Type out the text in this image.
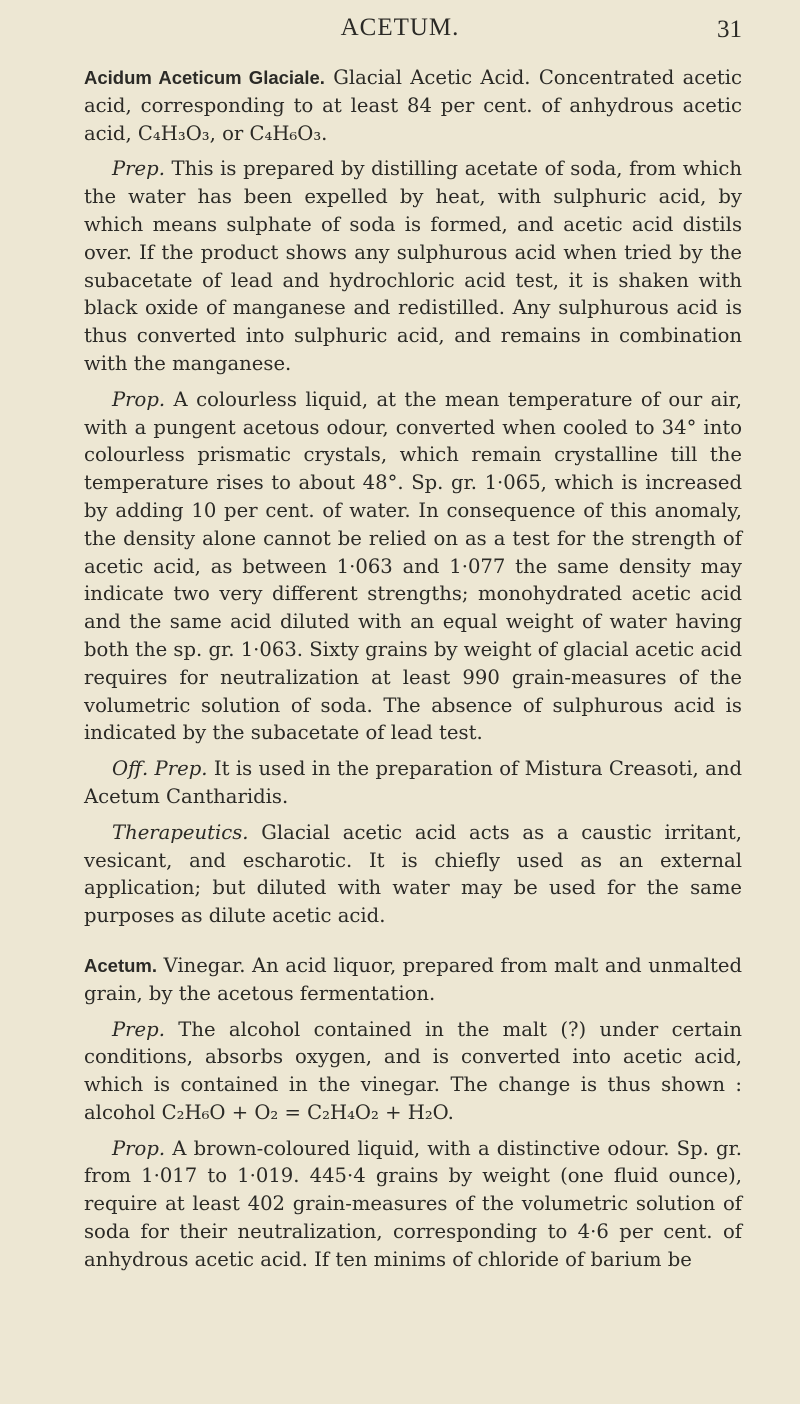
ACETUM.	31

Acidum Aceticum Glaciale. Glacial Acetic Acid. Concentrated acetic acid, corresponding to at least 84 per cent. of anhydrous acetic acid, C₄H₃O₃, or C₄H₆O₃.

Prep. This is prepared by distilling acetate of soda, from which the water has been expelled by heat, with sulphuric acid, by which means sulphate of soda is formed, and acetic acid distils over. If the product shows any sulphurous acid when tried by the subacetate of lead and hydrochloric acid test, it is shaken with black oxide of manganese and redistilled. Any sulphurous acid is thus converted into sulphuric acid, and remains in combination with the manganese.

Prop. A colourless liquid, at the mean temperature of our air, with a pungent acetous odour, converted when cooled to 34° into colourless prismatic crystals, which remain crystalline till the temperature rises to about 48°. Sp. gr. 1·065, which is increased by adding 10 per cent. of water. In consequence of this anomaly, the density alone cannot be relied on as a test for the strength of acetic acid, as between 1·063 and 1·077 the same density may indicate two very different strengths; monohydrated acetic acid and the same acid diluted with an equal weight of water having both the sp. gr. 1·063. Sixty grains by weight of glacial acetic acid requires for neutralization at least 990 grain-measures of the volumetric solution of soda. The absence of sulphurous acid is indicated by the subacetate of lead test.

Off. Prep. It is used in the preparation of Mistura Creasoti, and Acetum Cantharidis.

Therapeutics. Glacial acetic acid acts as a caustic irritant, vesicant, and escharotic. It is chiefly used as an external application; but diluted with water may be used for the same purposes as dilute acetic acid.

Acetum. Vinegar. An acid liquor, prepared from malt and unmalted grain, by the acetous fermentation.

Prep. The alcohol contained in the malt (?) under certain conditions, absorbs oxygen, and is converted into acetic acid, which is contained in the vinegar. The change is thus shown : alcohol C₂H₆O + O₂ = C₂H₄O₂ + H₂O.

Prop. A brown-coloured liquid, with a distinctive odour. Sp. gr. from 1·017 to 1·019. 445·4 grains by weight (one fluid ounce), require at least 402 grain-measures of the volumetric solution of soda for their neutralization, corresponding to 4·6 per cent. of anhydrous acetic acid. If ten minims of chloride of barium be
